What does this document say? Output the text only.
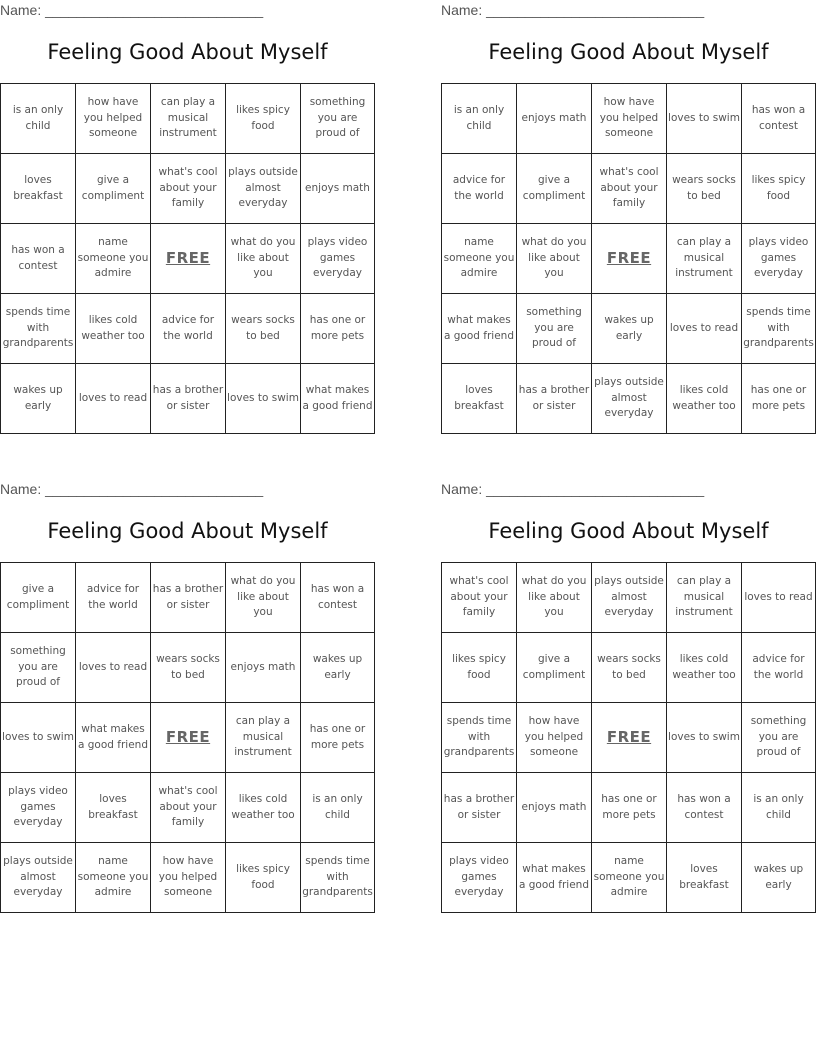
Name: ____________________________
Feeling Good About Myself
is an only child
how have you helped someone
can play a musical instrument
likes spicy food
something you are proud of
loves breakfast
give a compliment
what's cool about your family
plays outside almost everyday
enjoys math
has won a contest
name someone you admire
FREE
what do you like about you
plays video games everyday
spends time with grandparents
likes cold weather too
advice for the world
wears socks to bed
has one or more pets
wakes up early
loves to read
has a brother or sister
loves to swim
what makes a good friend
Name: ____________________________
Feeling Good About Myself
is an only child
enjoys math
how have you helped someone
loves to swim
has won a contest
advice for the world
give a compliment
what's cool about your family
wears socks to bed
likes spicy food
name someone you admire
what do you like about you
FREE
can play a musical instrument
plays video games everyday
what makes a good friend
something you are proud of
wakes up early
loves to read
spends time with grandparents
loves breakfast
has a brother or sister
plays outside almost everyday
likes cold weather too
has one or more pets
Name: ____________________________
Feeling Good About Myself
give a compliment
advice for the world
has a brother or sister
what do you like about you
has won a contest
something you are proud of
loves to read
wears socks to bed
enjoys math
wakes up early
loves to swim
what makes a good friend	FREE
can play a musical instrument
has one or more pets
plays video games everyday
loves breakfast
what's cool about your family
likes cold weather too
is an only child
plays outside almost everyday
name someone you admire
how have you helped someone
likes spicy food
spends time with grandparents
Name: ____________________________
Feeling Good About Myself
what's cool about your family
what do you like about you
plays outside almost everyday
can play a musical instrument
loves to read
likes spicy food
give a compliment
wears socks to bed
likes cold weather too
advice for the world
spends time with grandparents
how have you helped someone
FREE	loves to swim
something you are proud of
has a brother or sister
enjoys math
has one or more pets
has won a contest
is an only child
plays video games everyday
what makes a good friend
name someone you admire
loves breakfast
wakes up early
